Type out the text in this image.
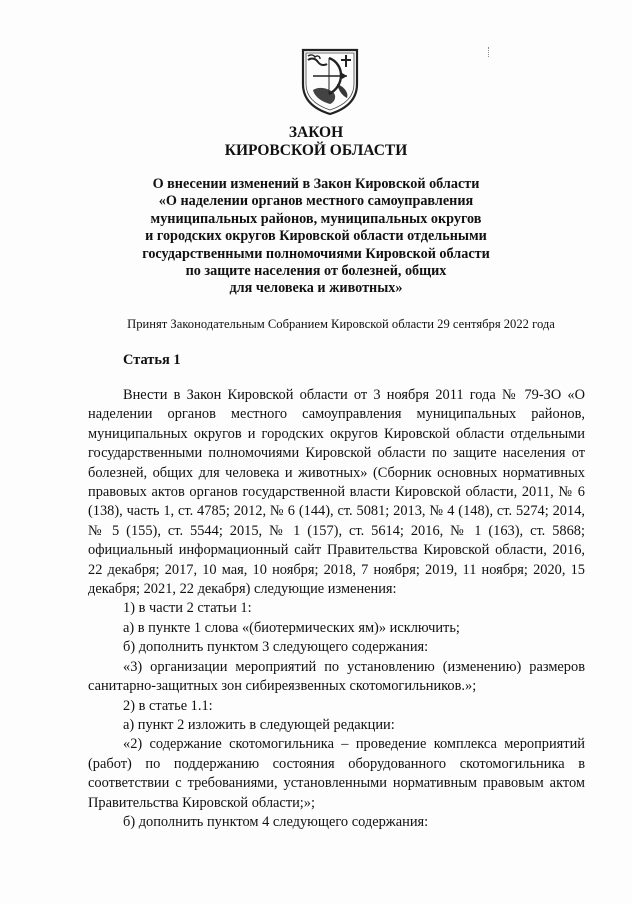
ЗАКОН
КИРОВСКОЙ ОБЛАСТИ
О внесении изменений в Закон Кировской области
«О наделении органов местного самоуправления
муниципальных районов, муниципальных округов
и городских округов Кировской области отдельными
государственными полномочиями Кировской области
по защите населения от болезней, общих
для человека и животных»
Принят Законодательным Собранием Кировской области 29 сентября 2022 года
Статья 1

Внести в Закон Кировской области от 3 ноября 2011 года № 79-ЗО «О наделении органов местного самоуправления муниципальных районов, муниципальных округов и городских округов Кировской области отдельными государственными полномочиями Кировской области по защите населения от болезней, общих для человека и животных» (Сборник основных нормативных правовых актов органов государственной власти Кировской области, 2011, № 6 (138), часть 1, ст. 4785; 2012, № 6 (144), ст. 5081; 2013, № 4 (148), ст. 5274; 2014, № 5 (155), ст. 5544; 2015, № 1 (157), ст. 5614; 2016, № 1 (163), ст. 5868; официальный информационный сайт Правительства Кировской области, 2016, 22 декабря; 2017, 10 мая, 10 ноября; 2018, 7 ноября; 2019, 11 ноября; 2020, 15 декабря; 2021, 22 декабря) следующие изменения:

1) в части 2 статьи 1:

а) в пункте 1 слова «(биотермических ям)» исключить;

б) дополнить пунктом 3 следующего содержания:

«3) организации мероприятий по установлению (изменению) размеров санитарно-защитных зон сибиреязвенных скотомогильников.»;

2) в статье 1.1:

а) пункт 2 изложить в следующей редакции:

«2) содержание скотомогильника – проведение комплекса мероприятий (работ) по поддержанию состояния оборудованного скотомогильника в соответствии с требованиями, установленными нормативным правовым актом Правительства Кировской области;»;

б) дополнить пунктом 4 следующего содержания:
